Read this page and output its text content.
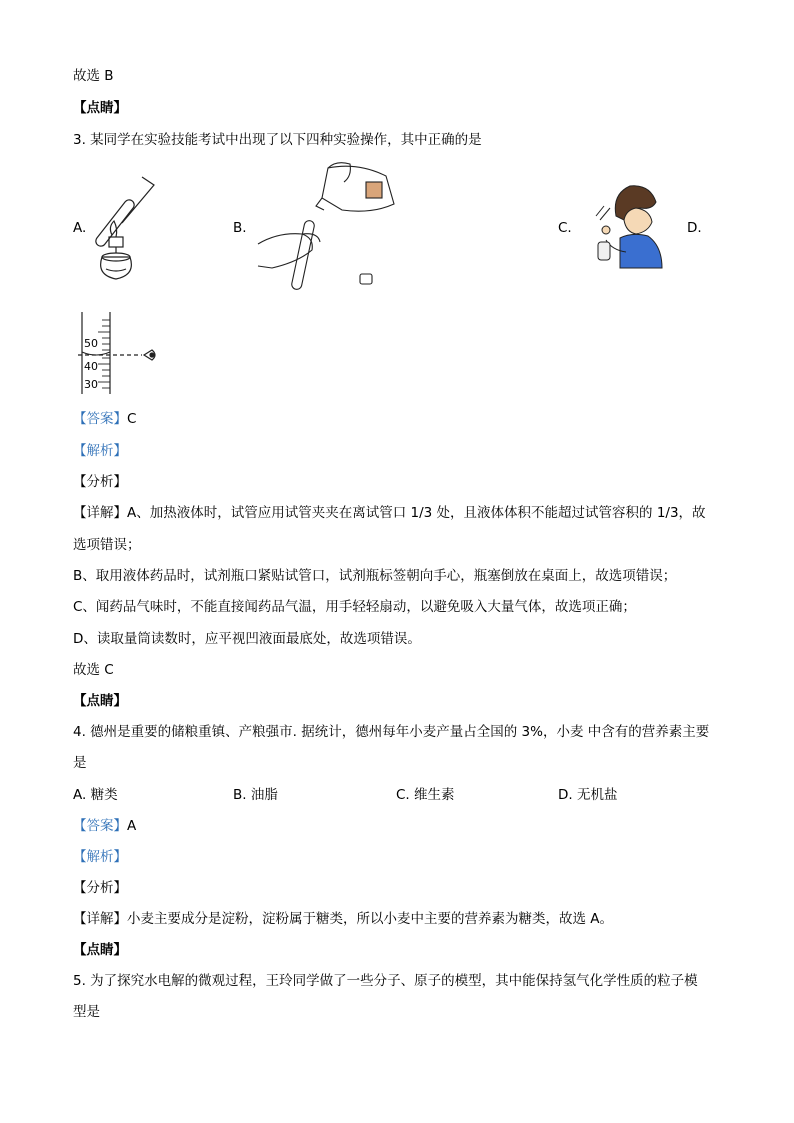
故选 B
【点睛】
3. 某同学在实验技能考试中出现了以下四种实验操作，其中正确的是
A.	B.	C.	D.
50
40
30
【答案】C
【解析】
【分析】
【详解】A、加热液体时，试管应用试管夹夹在离试管口 1/3 处，且液体体积不能超过试管容积的 1/3，故
选项错误；
B、取用液体药品时，试剂瓶口紧贴试管口，试剂瓶标签朝向手心，瓶塞倒放在桌面上，故选项错误；
C、闻药品气味时，不能直接闻药品气温，用手轻轻扇动，以避免吸入大量气体，故选项正确；
D、读取量筒读数时，应平视凹液面最底处，故选项错误。
故选 C
【点睛】
4. 德州是重要的储粮重镇、产粮强市. 据统计，德州每年小麦产量占全国的 3%，小麦 中含有的营养素主要
是
A. 糖类	B. 油脂	C. 维生素	D. 无机盐
【答案】A
【解析】
【分析】
【详解】小麦主要成分是淀粉，淀粉属于糖类，所以小麦中主要的营养素为糖类，故选 A。
【点睛】
5. 为了探究水电解的微观过程，王玲同学做了一些分子、原子的模型，其中能保持氢气化学性质的粒子模
型是
